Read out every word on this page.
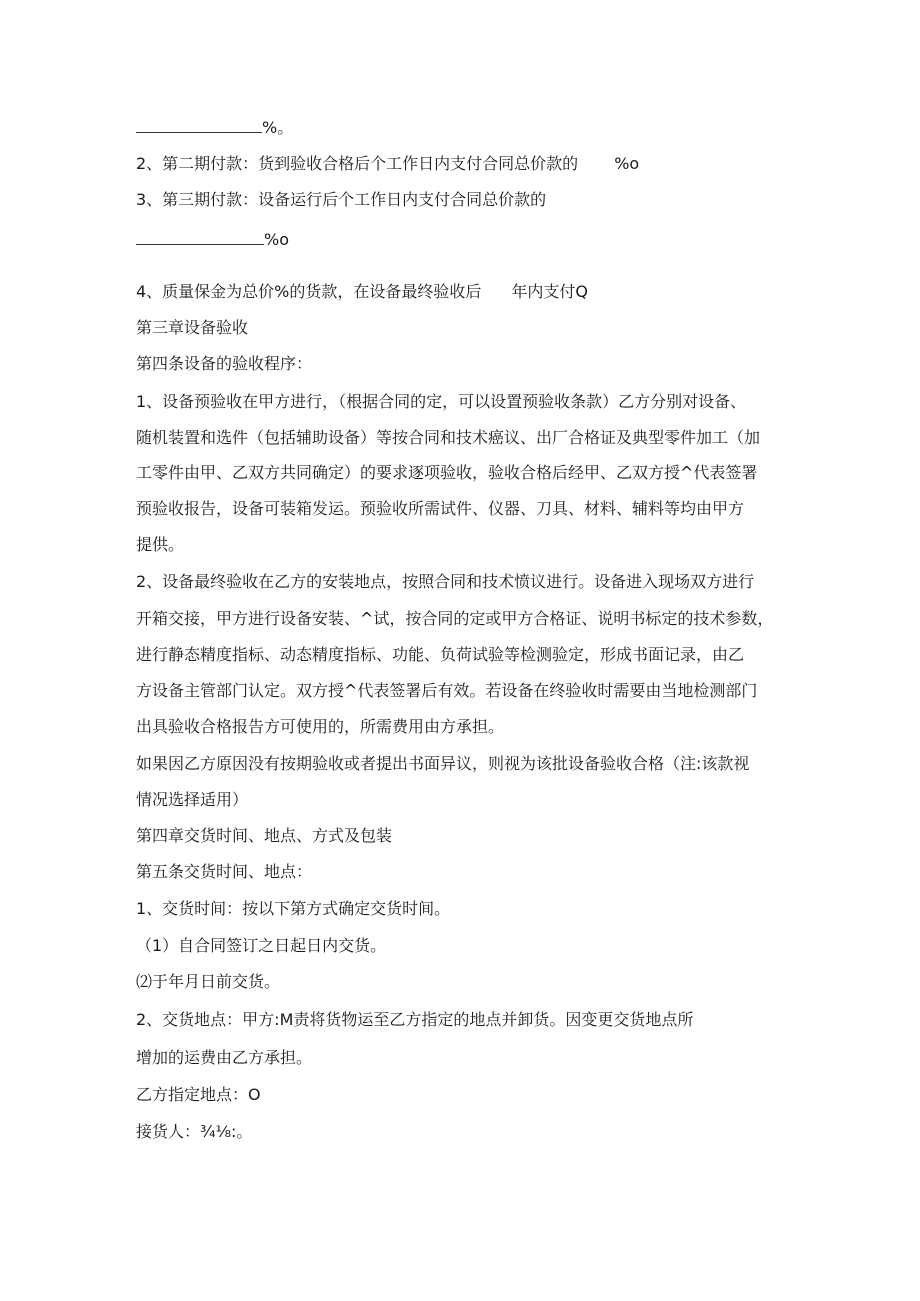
%。
2、第二期付款：货到验收合格后个工作日内支付合同总价款的 %o
3、第三期付款：设备运行后个工作日内支付合同总价款的
%o
4、质量保金为总价%的货款，在设备最终验收后 年内支付Q
第三章设备验收
第四条设备的验收程序：
1、设备预验收在甲方进行，（根据合同的定，可以设置预验收条款）乙方分别对设备、
随机装置和选件（包括辅助设备）等按合同和技术癌议、出厂合格证及典型零件加工（加
工零件由甲、乙双方共同确定）的要求逐项验收，验收合格后经甲、乙双方授^代表签署
预验收报告，设备可装箱发运。预验收所需试件、仪器、刀具、材料、辅料等均由甲方
提供。
2、设备最终验收在乙方的安装地点，按照合同和技术愤议进行。设备进入现场双方进行
开箱交接，甲方进行设备安装、^试，按合同的定或甲方合格证、说明书标定的技术参数，
进行静态精度指标、动态精度指标、功能、负荷试验等检测验定，形成书面记录，由乙
方设备主管部门认定。双方授^代表签署后有效。若设备在终验收时需要由当地检测部门
出具验收合格报告方可使用的，所需费用由方承担。
如果因乙方原因没有按期验收或者提出书面异议，则视为该批设备验收合格（注:该款视
情况选择适用）
第四章交货时间、地点、方式及包装
第五条交货时间、地点：
1、交货时间：按以下第方式确定交货时间。
（1）自合同签订之日起日内交货。
⑵于年月日前交货。
2、交货地点：甲方:M责将货物运至乙方指定的地点并卸货。因变更交货地点所
增加的运费由乙方承担。
乙方指定地点：O
接货人：¾⅛:。
